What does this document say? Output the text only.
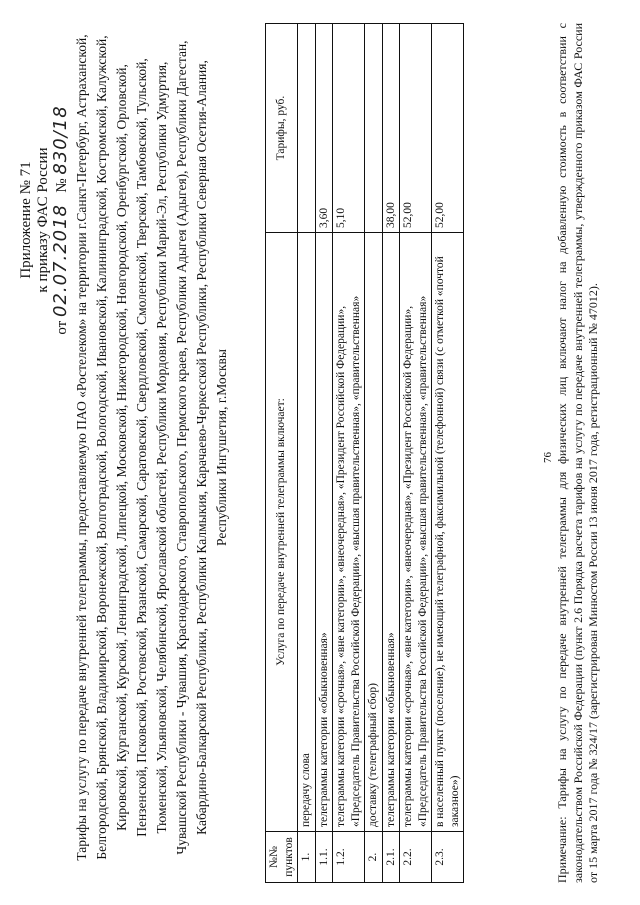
Приложение № 71 к приказу ФАС России
от 02.07.2018   № 830/18 Тарифы на услугу по передаче внутренней телеграммы, предоставляемую ПАО «Ростелеком» на территории г.Санкт-Петербург, Астраханской, Белгородской, Брянской, Владимирской, Воронежской, Волгоградской, Вологодской, Ивановской, Калининградской, Костромской, Калужской, Кировской, Курганской, Курской, Ленинградской, Липецкой, Московской, Нижегородской, Новгородской, Оренбургской, Орловской, Пензенской, Псковской, Ростовской, Рязанской, Самарской, Саратовской, Свердловской, Смоленской, Тверской, Тамбовской, Тульской, Тюменской, Ульяновской, Челябинской, Ярославской областей, Республики Мордовия, Республики Марий-Эл, Республики Удмуртия, Чувашской Республики - Чувашия, Краснодарского, Ставропольского, Пермского краев, Республики Адыгея (Адыгея), Республики Дагестан, Кабардино-Балкарской Республики, Республики Калмыкия, Карачаево-Черкесской Республики, Республики Северная Осетия-Алания, Республики Ингушетия, г.Москвы
№№ пунктов	Услуга по передаче внутренней телеграммы включает:	Тарифы, руб.
1.	передачу слова	
1.1.	телеграммы категории «обыкновенная»	3,60
1.2.	телеграммы категории «срочная», «вне категории», «внеочередная», «Президент Российской Федерации», «Председатель Правительства Российской Федерации», «высшая правительственная», «правительственная»	5,10
2.	доставку (телеграфный сбор)	
2.1.	телеграммы категории «обыкновенная»	38,00
2.2.	телеграммы категории «срочная», «вне категории», «внеочередная», «Президент Российской Федерации», «Председатель Правительства Российской Федерации», «высшая правительственная», «правительственная»	52,00
2.3.	в населенный пункт (поселение), не имеющий телеграфной, факсимильной (телефонной) связи (с отметкой «почтой заказное»)	52,00
76 Примечание: Тарифы на услугу по передаче внутренней телеграммы для физических лиц включают налог на добавленную стоимость в соответствии с законодательством Российской Федерации (пункт 2.6 Порядка расчета тарифов на услугу по передаче внутренней телеграммы, утвержденного приказом ФАС России от 15 марта 2017 года № 324/17 (зарегистрирован Минюстом России 13 июня 2017 года, регистрационный № 47012).
